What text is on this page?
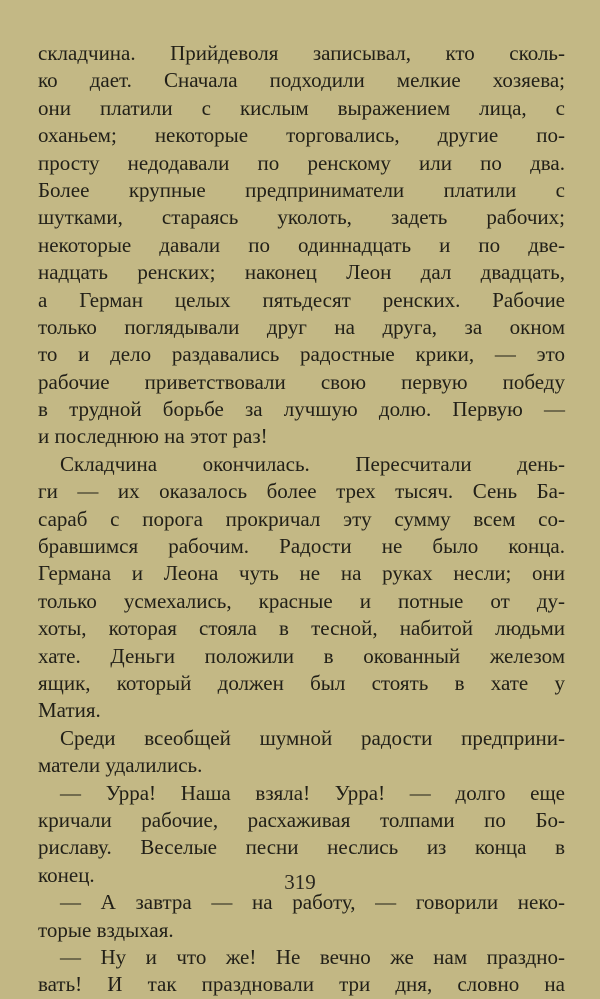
складчина. Прийдеволя записывал, кто сколь-
ко дает. Сначала подходили мелкие хозяева;
они платили с кислым выражением лица, с
оханьем; некоторые торговались, другие по-
просту недодавали по ренскому или по два.
Более крупные предприниматели платили с
шутками, стараясь уколоть, задеть рабочих;
некоторые давали по одиннадцать и по две-
надцать ренских; наконец Леон дал двадцать,
а Герман целых пятьдесят ренских. Рабочие
только поглядывали друг на друга, за окном
то и дело раздавались радостные крики, — это
рабочие приветствовали свою первую победу
в трудной борьбе за лучшую долю. Первую —
и последнюю на этот раз!
Складчина окончилась. Пересчитали день-
ги — их оказалось более трех тысяч. Сень Ба-
сараб с порога прокричал эту сумму всем со-
бравшимся рабочим. Радости не было конца.
Германа и Леона чуть не на руках несли; они
только усмехались, красные и потные от ду-
хоты, которая стояла в тесной, набитой людьми
хате. Деньги положили в окованный железом
ящик, который должен был стоять в хате у
Матия.
Среди всеобщей шумной радости предприни-
матели удалились.
— Урра! Наша взяла! Урра! — долго еще
кричали рабочие, расхаживая толпами по Бо-
риславу. Веселые песни неслись из конца в
конец.
— А завтра — на работу, — говорили неко-
торые вздыхая.
— Ну и что же! Не вечно же нам праздно-
вать! И так праздновали три дня, словно на
319
